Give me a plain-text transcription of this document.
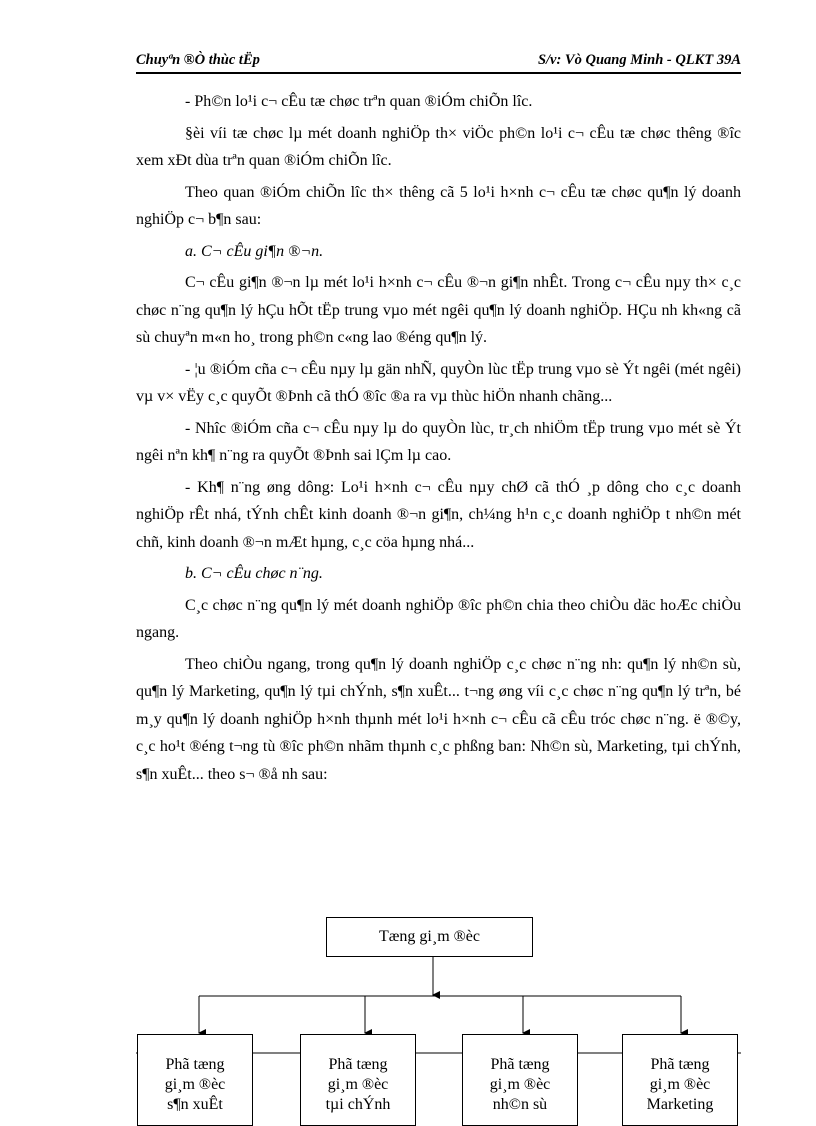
Chuyªn ®Ò thùc tËp	S/v: Vò Quang Minh - QLKT 39A

- Ph©n lo¹i c¬ cÊu tæ chøc trªn quan ®iÓm chiÕn lîc.

§èi víi tæ chøc lµ mét doanh nghiÖp th× viÖc ph©n lo¹i c¬ cÊu tæ chøc thêng ®îc xem xÐt dùa trªn quan ®iÓm chiÕn lîc.

Theo quan ®iÓm chiÕn lîc th× thêng cã 5 lo¹i h×nh c¬ cÊu tæ chøc qu¶n lý doanh nghiÖp c¬ b¶n sau:

a. C¬ cÊu gi¶n ®¬n.

C¬ cÊu gi¶n ®¬n lµ mét lo¹i h×nh c¬ cÊu ®¬n gi¶n nhÊt. Trong c¬ cÊu nµy th× c¸c chøc n¨ng qu¶n lý hÇu hÕt tËp trung vµo mét ngêi qu¶n lý doanh nghiÖp. HÇu nh kh«ng cã sù chuyªn m«n ho¸ trong ph©n c«ng lao ®éng qu¶n lý.

- ¦u ®iÓm cña c¬ cÊu nµy lµ gän nhÑ, quyÒn lùc tËp trung vµo sè Ýt ngêi (mét ngêi) vµ v× vËy c¸c quyÕt ®Þnh cã thÓ ®îc ®a ra vµ thùc hiÖn nhanh chãng...

- Nhîc ®iÓm cña c¬ cÊu nµy lµ do quyÒn lùc, tr¸ch nhiÖm tËp trung vµo mét sè Ýt ngêi nªn kh¶ n¨ng ra quyÕt ®Þnh sai lÇm lµ cao.

- Kh¶ n¨ng øng dông: Lo¹i h×nh c¬ cÊu nµy chØ cã thÓ ¸p dông cho c¸c doanh nghiÖp rÊt nhá, tÝnh chÊt kinh doanh ®¬n gi¶n, ch¼ng h¹n c¸c doanh nghiÖp t nh©n mét chñ, kinh doanh ®¬n mÆt hµng, c¸c cöa hµng nhá...

b. C¬ cÊu chøc n¨ng.

C¸c chøc n¨ng qu¶n lý mét doanh nghiÖp ®îc ph©n chia theo chiÒu däc hoÆc chiÒu ngang.

Theo chiÒu ngang, trong qu¶n lý doanh nghiÖp c¸c chøc n¨ng nh: qu¶n lý nh©n sù, qu¶n lý Marketing, qu¶n lý tµi chÝnh, s¶n xuÊt... t¬ng øng víi c¸c chøc n¨ng qu¶n lý trªn, bé m¸y qu¶n lý doanh nghiÖp h×nh thµnh mét lo¹i h×nh c¬ cÊu cã cÊu tróc chøc n¨ng. ë ®©y, c¸c ho¹t ®éng t¬ng tù ®îc ph©n nhãm thµnh c¸c phßng ban: Nh©n sù, Marketing, tµi chÝnh, s¶n xuÊt... theo s¬ ®å nh sau:

Tæng gi¸m ®èc
Phã tæng
gi¸m ®èc
s¶n xuÊt
Phã tæng
gi¸m ®èc
tµi chÝnh
Phã tæng
gi¸m ®èc
nh©n sù
Phã tæng
gi¸m ®èc
Marketing
